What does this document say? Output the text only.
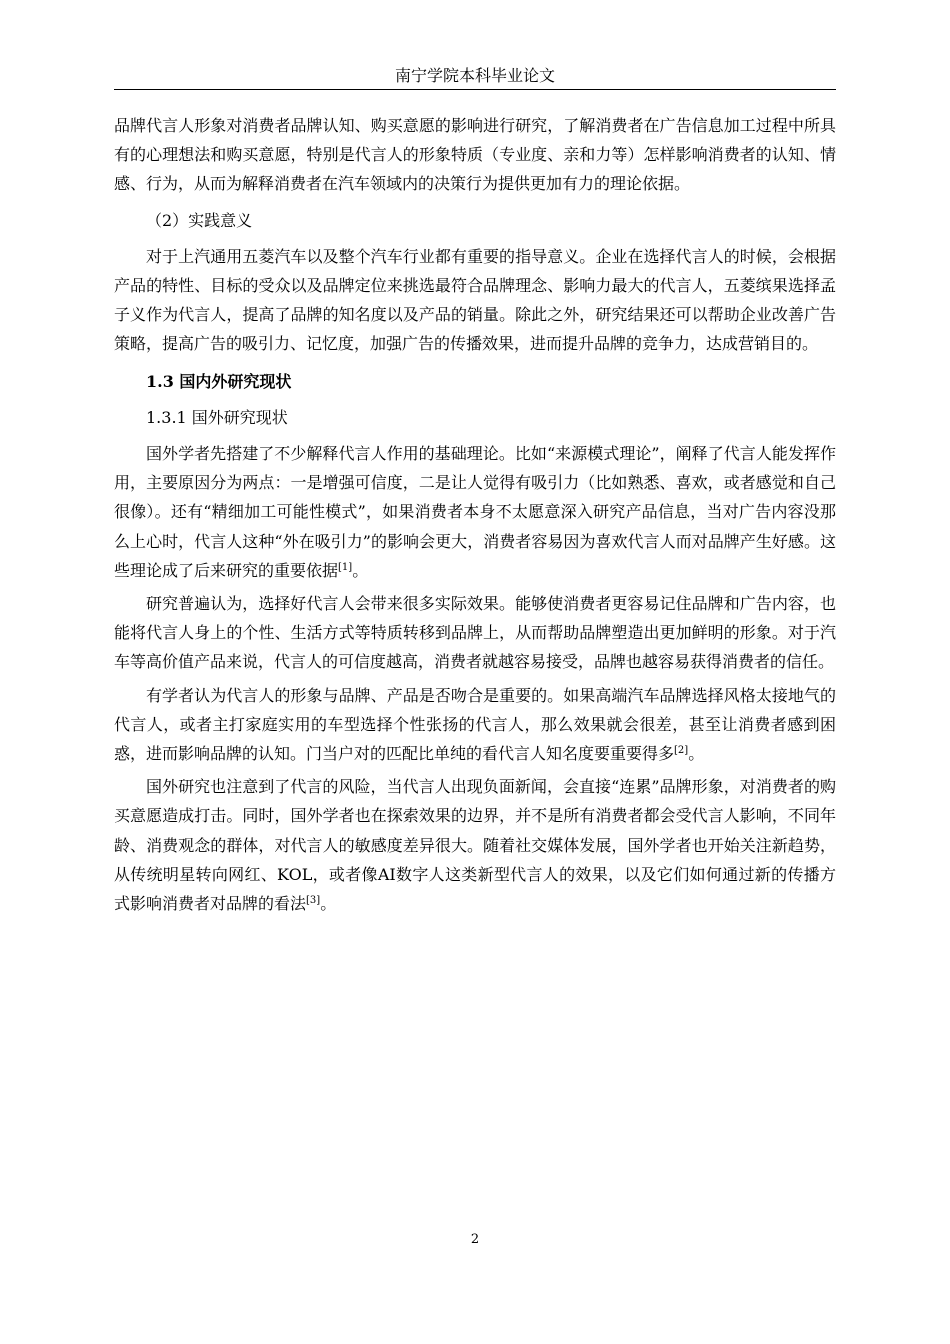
南宁学院本科毕业论文

品牌代言人形象对消费者品牌认知、购买意愿的影响进行研究，了解消费者在广告信息加工过程中所具有的心理想法和购买意愿，特别是代言人的形象特质（专业度、亲和力等）怎样影响消费者的认知、情感、行为，从而为解释消费者在汽车领域内的决策行为提供更加有力的理论依据。

（2）实践意义

对于上汽通用五菱汽车以及整个汽车行业都有重要的指导意义。企业在选择代言人的时候，会根据产品的特性、目标的受众以及品牌定位来挑选最符合品牌理念、影响力最大的代言人，五菱缤果选择孟子义作为代言人，提高了品牌的知名度以及产品的销量。除此之外，研究结果还可以帮助企业改善广告策略，提高广告的吸引力、记忆度，加强广告的传播效果，进而提升品牌的竞争力，达成营销目的。

1.3 国内外研究现状

1.3.1 国外研究现状

国外学者先搭建了不少解释代言人作用的基础理论。比如“来源模式理论”，阐释了代言人能发挥作用，主要原因分为两点：一是增强可信度，二是让人觉得有吸引力（比如熟悉、喜欢，或者感觉和自己很像）。还有“精细加工可能性模式”，如果消费者本身不太愿意深入研究产品信息，当对广告内容没那么上心时，代言人这种“外在吸引力”的影响会更大，消费者容易因为喜欢代言人而对品牌产生好感。这些理论成了后来研究的重要依据[1]。

研究普遍认为，选择好代言人会带来很多实际效果。能够使消费者更容易记住品牌和广告内容，也能将代言人身上的个性、生活方式等特质转移到品牌上，从而帮助品牌塑造出更加鲜明的形象。对于汽车等高价值产品来说，代言人的可信度越高，消费者就越容易接受，品牌也越容易获得消费者的信任。

有学者认为代言人的形象与品牌、产品是否吻合是重要的。如果高端汽车品牌选择风格太接地气的代言人，或者主打家庭实用的车型选择个性张扬的代言人，那么效果就会很差，甚至让消费者感到困惑，进而影响品牌的认知。门当户对的匹配比单纯的看代言人知名度要重要得多[2]。

国外研究也注意到了代言的风险，当代言人出现负面新闻，会直接“连累”品牌形象，对消费者的购买意愿造成打击。同时，国外学者也在探索效果的边界，并不是所有消费者都会受代言人影响，不同年龄、消费观念的群体，对代言人的敏感度差异很大。随着社交媒体发展，国外学者也开始关注新趋势，从传统明星转向网红、KOL，或者像AI数字人这类新型代言人的效果，以及它们如何通过新的传播方式影响消费者对品牌的看法[3]。

2
